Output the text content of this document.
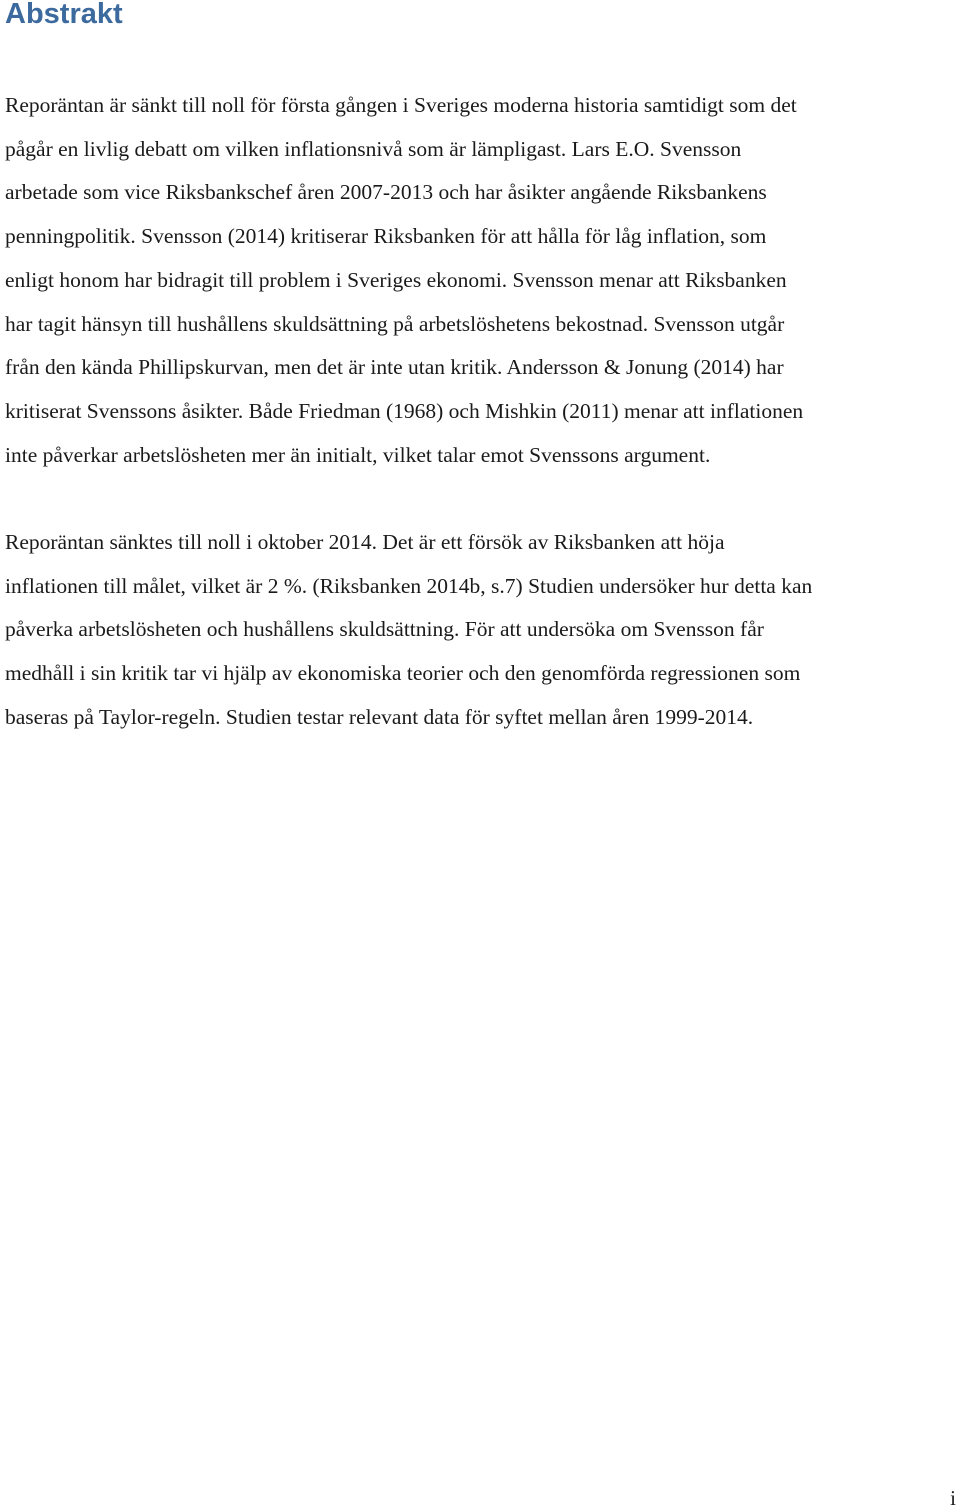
Abstrakt

Reporäntan är sänkt till noll för första gången i Sveriges moderna historia samtidigt som det
pågår en livlig debatt om vilken inflationsnivå som är lämpligast. Lars E.O. Svensson
arbetade som vice Riksbankschef åren 2007-2013 och har åsikter angående Riksbankens
penningpolitik. Svensson (2014) kritiserar Riksbanken för att hålla för låg inflation, som
enligt honom har bidragit till problem i Sveriges ekonomi. Svensson menar att Riksbanken
har tagit hänsyn till hushållens skuldsättning på arbetslöshetens bekostnad. Svensson utgår
från den kända Phillipskurvan, men det är inte utan kritik. Andersson & Jonung (2014) har
kritiserat Svenssons åsikter. Både Friedman (1968) och Mishkin (2011) menar att inflationen
inte påverkar arbetslösheten mer än initialt, vilket talar emot Svenssons argument.

Reporäntan sänktes till noll i oktober 2014. Det är ett försök av Riksbanken att höja
inflationen till målet, vilket är 2 %. (Riksbanken 2014b, s.7) Studien undersöker hur detta kan
påverka arbetslösheten och hushållens skuldsättning. För att undersöka om Svensson får
medhåll i sin kritik tar vi hjälp av ekonomiska teorier och den genomförda regressionen som
baseras på Taylor-regeln. Studien testar relevant data för syftet mellan åren 1999-2014.

i
